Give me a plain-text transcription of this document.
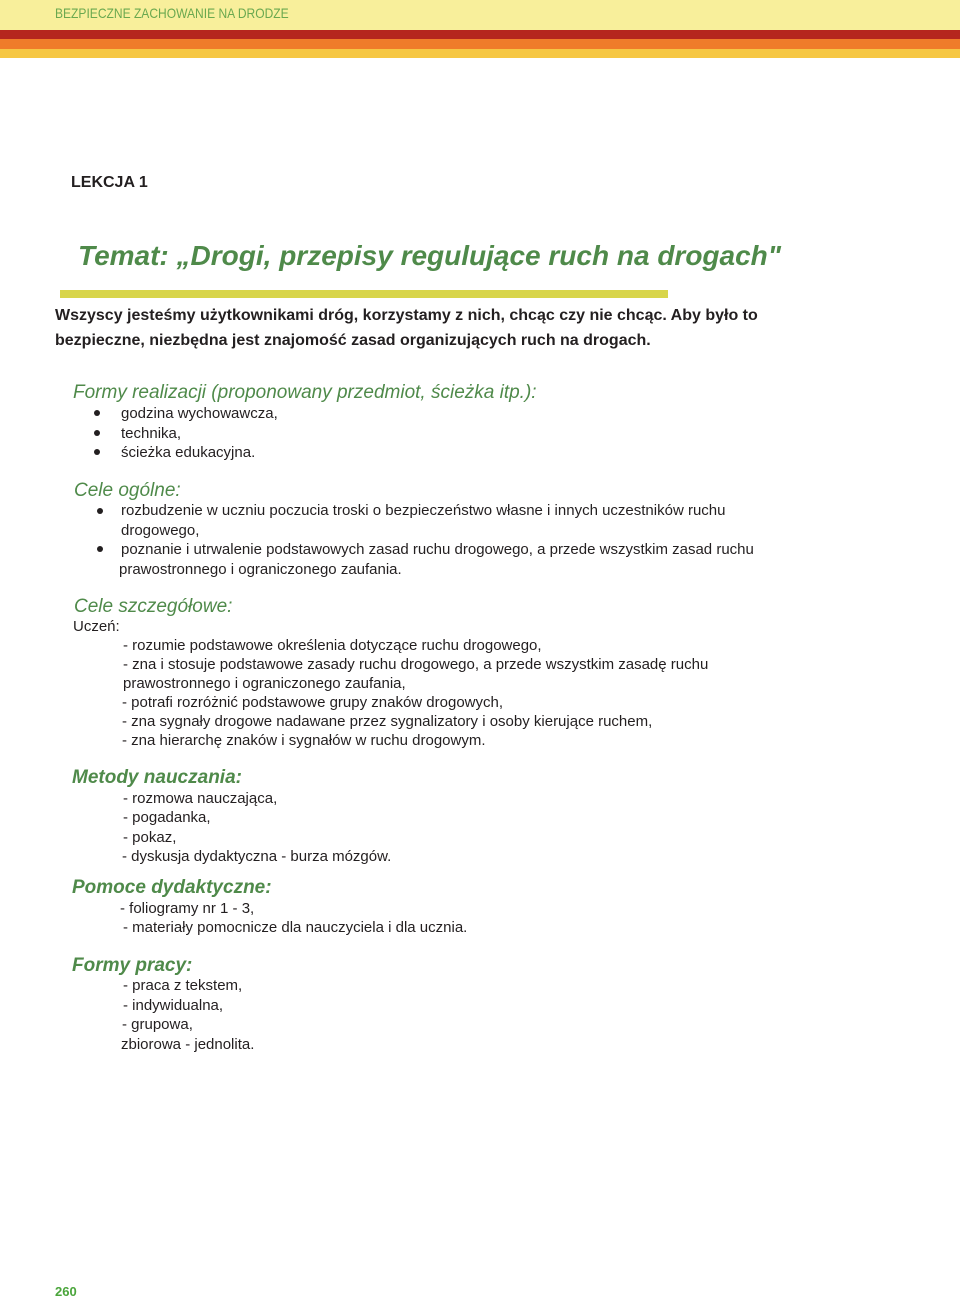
BEZPIECZNE ZACHOWANIE NA DRODZE
LEKCJA 1
Temat: „Drogi, przepisy regulujące ruch na drogach"
Wszyscy jesteśmy użytkownikami dróg, korzystamy z nich, chcąc czy nie chcąc. Aby było to
bezpieczne, niezbędna jest znajomość zasad organizujących ruch na drogach.
Formy realizacji (proponowany przedmiot, ścieżka itp.):
godzina wychowawcza,
technika,
ścieżka edukacyjna.
Cele ogólne:
rozbudzenie w uczniu poczucia troski o bezpieczeństwo własne i innych uczestników ruchu
drogowego,
poznanie i utrwalenie podstawowych zasad ruchu drogowego, a przede wszystkim zasad ruchu
prawostronnego i ograniczonego zaufania.
Cele szczegółowe:
Uczeń:
- rozumie podstawowe określenia dotyczące ruchu drogowego,
- zna i stosuje podstawowe zasady ruchu drogowego, a przede wszystkim zasadę ruchu
prawostronnego i ograniczonego zaufania,
- potrafi rozróżnić podstawowe grupy znaków drogowych,
- zna sygnały drogowe nadawane przez sygnalizatory i osoby kierujące ruchem,
- zna hierarchę znaków i sygnałów w ruchu drogowym.
Metody nauczania:
- rozmowa nauczająca,
- pogadanka,
- pokaz,
- dyskusja dydaktyczna - burza mózgów.
Pomoce dydaktyczne:
- foliogramy nr 1 - 3,
- materiały pomocnicze dla nauczyciela i dla ucznia.
Formy pracy:
- praca z tekstem,
- indywidualna,
- grupowa,
zbiorowa - jednolita.
260
